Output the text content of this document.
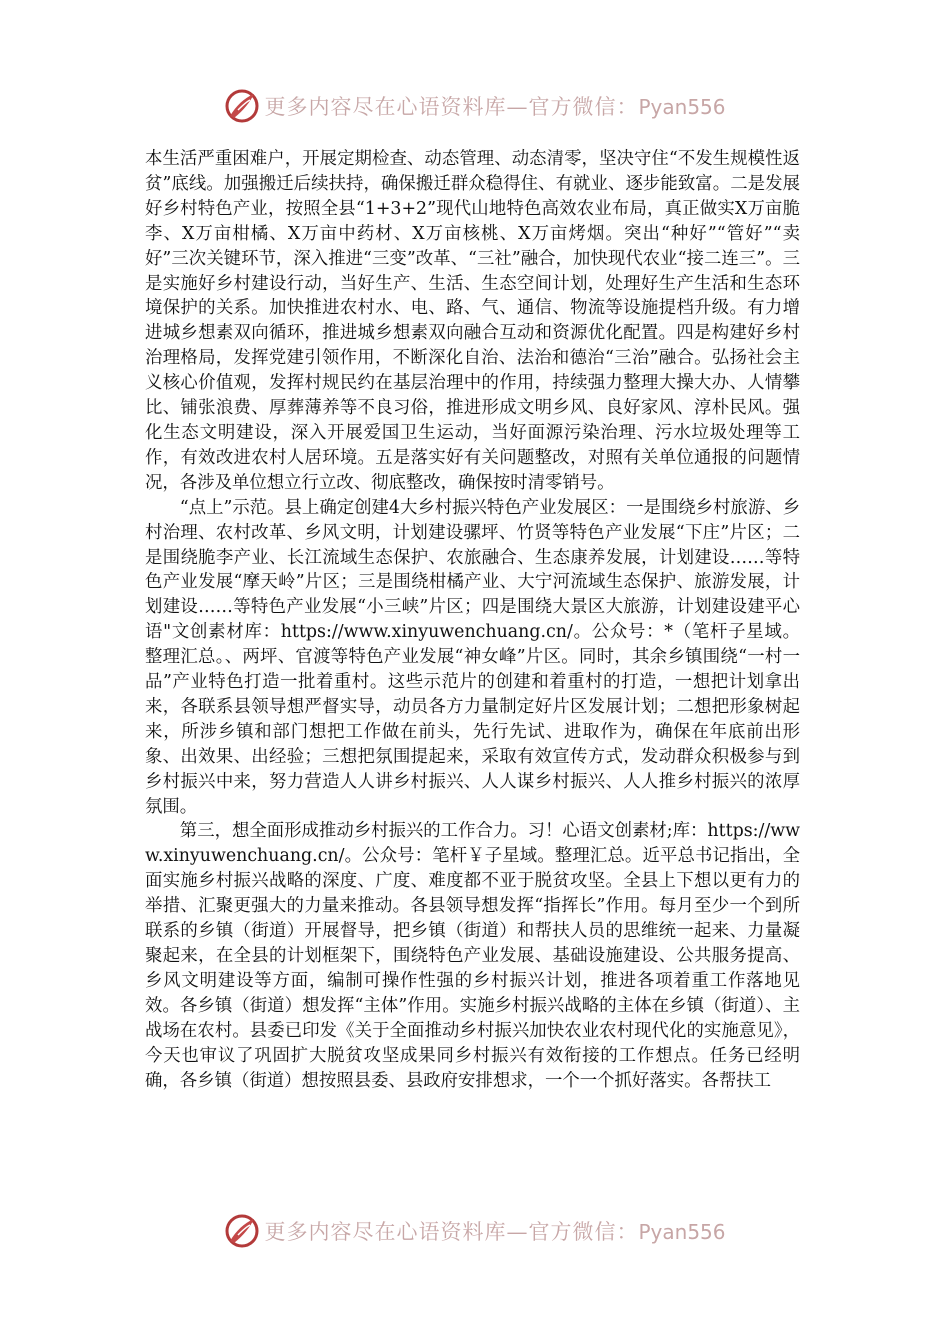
更多内容尽在心语资料库—官方微信：Pyan556

本生活严重困难户，开展定期检查、动态管理、动态清零，坚决守住“不发生规模性返贫”底线。加强搬迁后续扶持，确保搬迁群众稳得住、有就业、逐步能致富。二是发展好乡村特色产业，按照全县“1+3+2”现代山地特色高效农业布局，真正做实X万亩脆李、X万亩柑橘、X万亩中药材、X万亩核桃、X万亩烤烟。突出“种好”“管好”“卖好”三次关键环节，深入推进“三变”改革、“三社”融合，加快现代农业“接二连三”。三是实施好乡村建设行动，当好生产、生活、生态空间计划，处理好生产生活和生态环境保护的关系。加快推进农村水、电、路、气、通信、物流等设施提档升级。有力增进城乡想素双向循环，推进城乡想素双向融合互动和资源优化配置。四是构建好乡村治理格局，发挥党建引领作用，不断深化自治、法治和德治“三治”融合。弘扬社会主义核心价值观，发挥村规民约在基层治理中的作用，持续强力整理大操大办、人情攀比、铺张浪费、厚葬薄养等不良习俗，推进形成文明乡风、良好家风、淳朴民风。强化生态文明建设，深入开展爱国卫生运动，当好面源污染治理、污水垃圾处理等工作，有效改进农村人居环境。五是落实好有关问题整改，对照有关单位通报的问题情况，各涉及单位想立行立改、彻底整改，确保按时清零销号。

“点上”示范。县上确定创建4大乡村振兴特色产业发展区：一是围绕乡村旅游、乡村治理、农村改革、乡风文明，计划建设骡坪、竹贤等特色产业发展“下庄”片区；二是围绕脆李产业、长江流域生态保护、农旅融合、生态康养发展，计划建设……等特色产业发展“摩天岭”片区；三是围绕柑橘产业、大宁河流域生态保护、旅游发展，计划建设……等特色产业发展“小三峡”片区；四是围绕大景区大旅游，计划建设建平心语"文创素材库：https://www.xinyuwenchuang.cn/。公众号：*（笔杆子星域。整理汇总。、两坪、官渡等特色产业发展“神女峰”片区。同时，其余乡镇围绕“一村一品”产业特色打造一批着重村。这些示范片的创建和着重村的打造，一想把计划拿出来，各联系县领导想严督实导，动员各方力量制定好片区发展计划；二想把形象树起来，所涉乡镇和部门想把工作做在前头，先行先试、进取作为，确保在年底前出形象、出效果、出经验；三想把氛围提起来，采取有效宣传方式，发动群众积极参与到乡村振兴中来，努力营造人人讲乡村振兴、人人谋乡村振兴、人人推乡村振兴的浓厚氛围。

第三，想全面形成推动乡村振兴的工作合力。习！心语文创素材;库：https://www.xinyuwenchuang.cn/。公众号：笔杆￥子星域。整理汇总。近平总书记指出，全面实施乡村振兴战略的深度、广度、难度都不亚于脱贫攻坚。全县上下想以更有力的举措、汇聚更强大的力量来推动。各县领导想发挥“指挥长”作用。每月至少一个到所联系的乡镇（街道）开展督导，把乡镇（街道）和帮扶人员的思维统一起来、力量凝聚起来，在全县的计划框架下，围绕特色产业发展、基础设施建设、公共服务提高、乡风文明建设等方面，编制可操作性强的乡村振兴计划，推进各项着重工作落地见效。各乡镇（街道）想发挥“主体”作用。实施乡村振兴战略的主体在乡镇（街道）、主战场在农村。县委已印发《关于全面推动乡村振兴加快农业农村现代化的实施意见》，今天也审议了巩固扩大脱贫攻坚成果同乡村振兴有效衔接的工作想点。任务已经明确，各乡镇（街道）想按照县委、县政府安排想求，一个一个抓好落实。各帮扶工

更多内容尽在心语资料库—官方微信：Pyan556
